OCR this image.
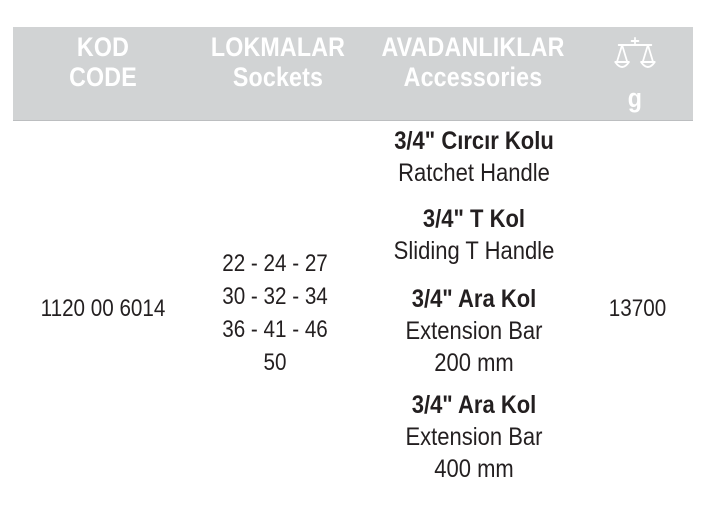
KOD
CODE
LOKMALAR
Sockets
AVADANLIKLAR
Accessories
g
1120 00 6014
22 - 24 - 27
30 - 32 - 34
36 - 41 - 46
50
3/4" Cırcır Kolu
Ratchet Handle
3/4" T Kol
Sliding T Handle
3/4" Ara Kol
Extension Bar
200 mm
3/4" Ara Kol
Extension Bar
400 mm
13700
